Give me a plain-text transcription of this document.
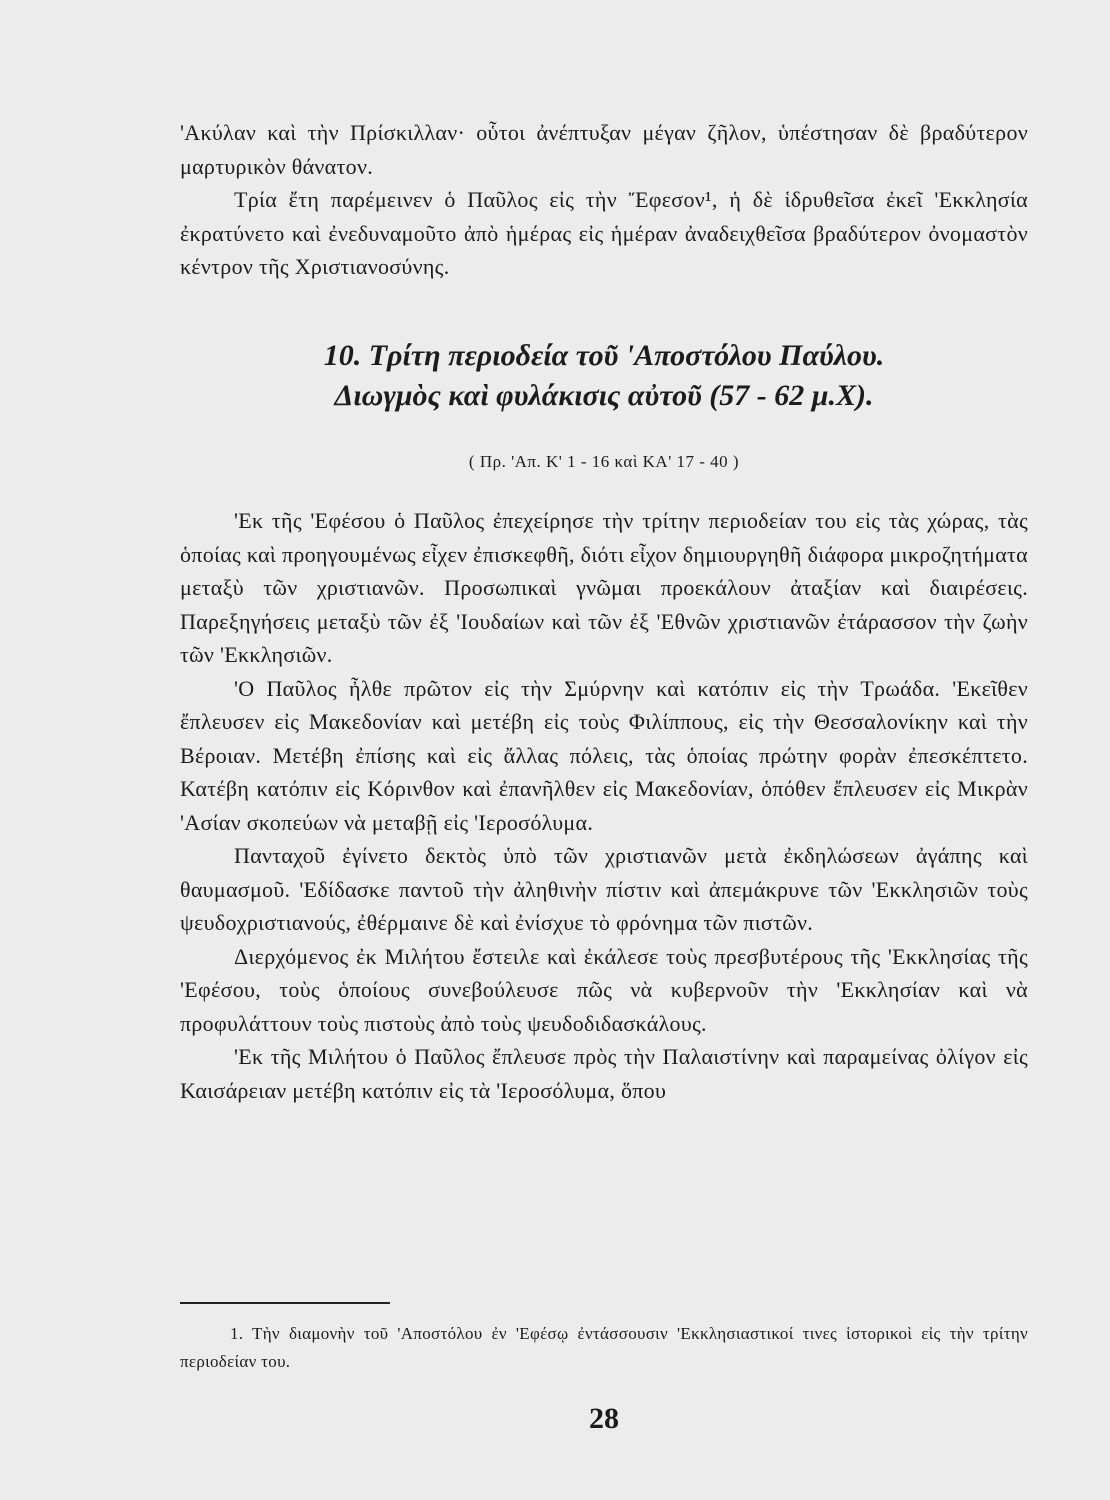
'Ακύλαν καὶ τὴν Πρίσκιλλαν· οὗτοι ἀνέπτυξαν μέγαν ζῆλον, ὑπέστησαν δὲ βραδύτερον μαρτυρικὸν θάνατον.

Τρία ἔτη παρέμεινεν ὁ Παῦλος εἰς τὴν Ἔφεσον¹, ἡ δὲ ἱδρυθεῖσα ἐκεῖ 'Εκκλησία ἐκρατύνετο καὶ ἐνεδυναμοῦτο ἀπὸ ἡμέρας εἰς ἡμέραν ἀναδειχθεῖσα βραδύτερον ὀνομαστὸν κέντρον τῆς Χριστιανοσύνης.

10. Τρίτη περιοδεία τοῦ 'Αποστόλου Παύλου.
Διωγμὸς καὶ φυλάκισις αὐτοῦ (57 - 62 μ.Χ).
( Πρ. 'Απ. Κ' 1 - 16 καὶ ΚΑ' 17 - 40 )

'Εκ τῆς 'Εφέσου ὁ Παῦλος ἐπεχείρησε τὴν τρίτην περιοδείαν του εἰς τὰς χώρας, τὰς ὁποίας καὶ προηγουμένως εἶχεν ἐπισκεφθῆ, διότι εἶχον δημιουργηθῆ διάφορα μικροζητήματα μεταξὺ τῶν χριστιανῶν. Προσωπικαὶ γνῶμαι προεκάλουν ἀταξίαν καὶ διαιρέσεις. Παρεξηγήσεις μεταξὺ τῶν ἐξ 'Ιουδαίων καὶ τῶν ἐξ 'Εθνῶν χριστιανῶν ἐτάρασσον τὴν ζωὴν τῶν 'Εκκλησιῶν.

'Ο Παῦλος ἦλθε πρῶτον εἰς τὴν Σμύρνην καὶ κατόπιν εἰς τὴν Τρωάδα. 'Εκεῖθεν ἔπλευσεν εἰς Μακεδονίαν καὶ μετέβη εἰς τοὺς Φιλίππους, εἰς τὴν Θεσσαλονίκην καὶ τὴν Βέροιαν. Μετέβη ἐπίσης καὶ εἰς ἄλλας πόλεις, τὰς ὁποίας πρώτην φορὰν ἐπεσκέπτετο. Κατέβη κατόπιν εἰς Κόρινθον καὶ ἐπανῆλθεν εἰς Μακεδονίαν, ὁπόθεν ἔπλευσεν εἰς Μικρὰν 'Ασίαν σκοπεύων νὰ μεταβῇ εἰς 'Ιεροσόλυμα.

Πανταχοῦ ἐγίνετο δεκτὸς ὑπὸ τῶν χριστιανῶν μετὰ ἐκδηλώσεων ἀγάπης καὶ θαυμασμοῦ. 'Εδίδασκε παντοῦ τὴν ἀληθινὴν πίστιν καὶ ἀπεμάκρυνε τῶν 'Εκκλησιῶν τοὺς ψευδοχριστιανούς, ἐθέρμαινε δὲ καὶ ἐνίσχυε τὸ φρόνημα τῶν πιστῶν.

Διερχόμενος ἐκ Μιλήτου ἔστειλε καὶ ἐκάλεσε τοὺς πρεσβυτέρους τῆς 'Εκκλησίας τῆς 'Εφέσου, τοὺς ὁποίους συνεβούλευσε πῶς νὰ κυβερνοῦν τὴν 'Εκκλησίαν καὶ νὰ προφυλάττουν τοὺς πιστοὺς ἀπὸ τοὺς ψευδοδιδασκάλους.

'Εκ τῆς Μιλήτου ὁ Παῦλος ἔπλευσε πρὸς τὴν Παλαιστίνην καὶ παραμείνας ὀλίγον εἰς Καισάρειαν μετέβη κατόπιν εἰς τὰ 'Ιεροσόλυμα, ὅπου

1. Τὴν διαμονὴν τοῦ 'Αποστόλου ἐν 'Εφέσῳ ἐντάσσουσιν 'Εκκλησιαστικοί τινες ἱστορικοὶ εἰς τὴν τρίτην περιοδείαν του.

28
